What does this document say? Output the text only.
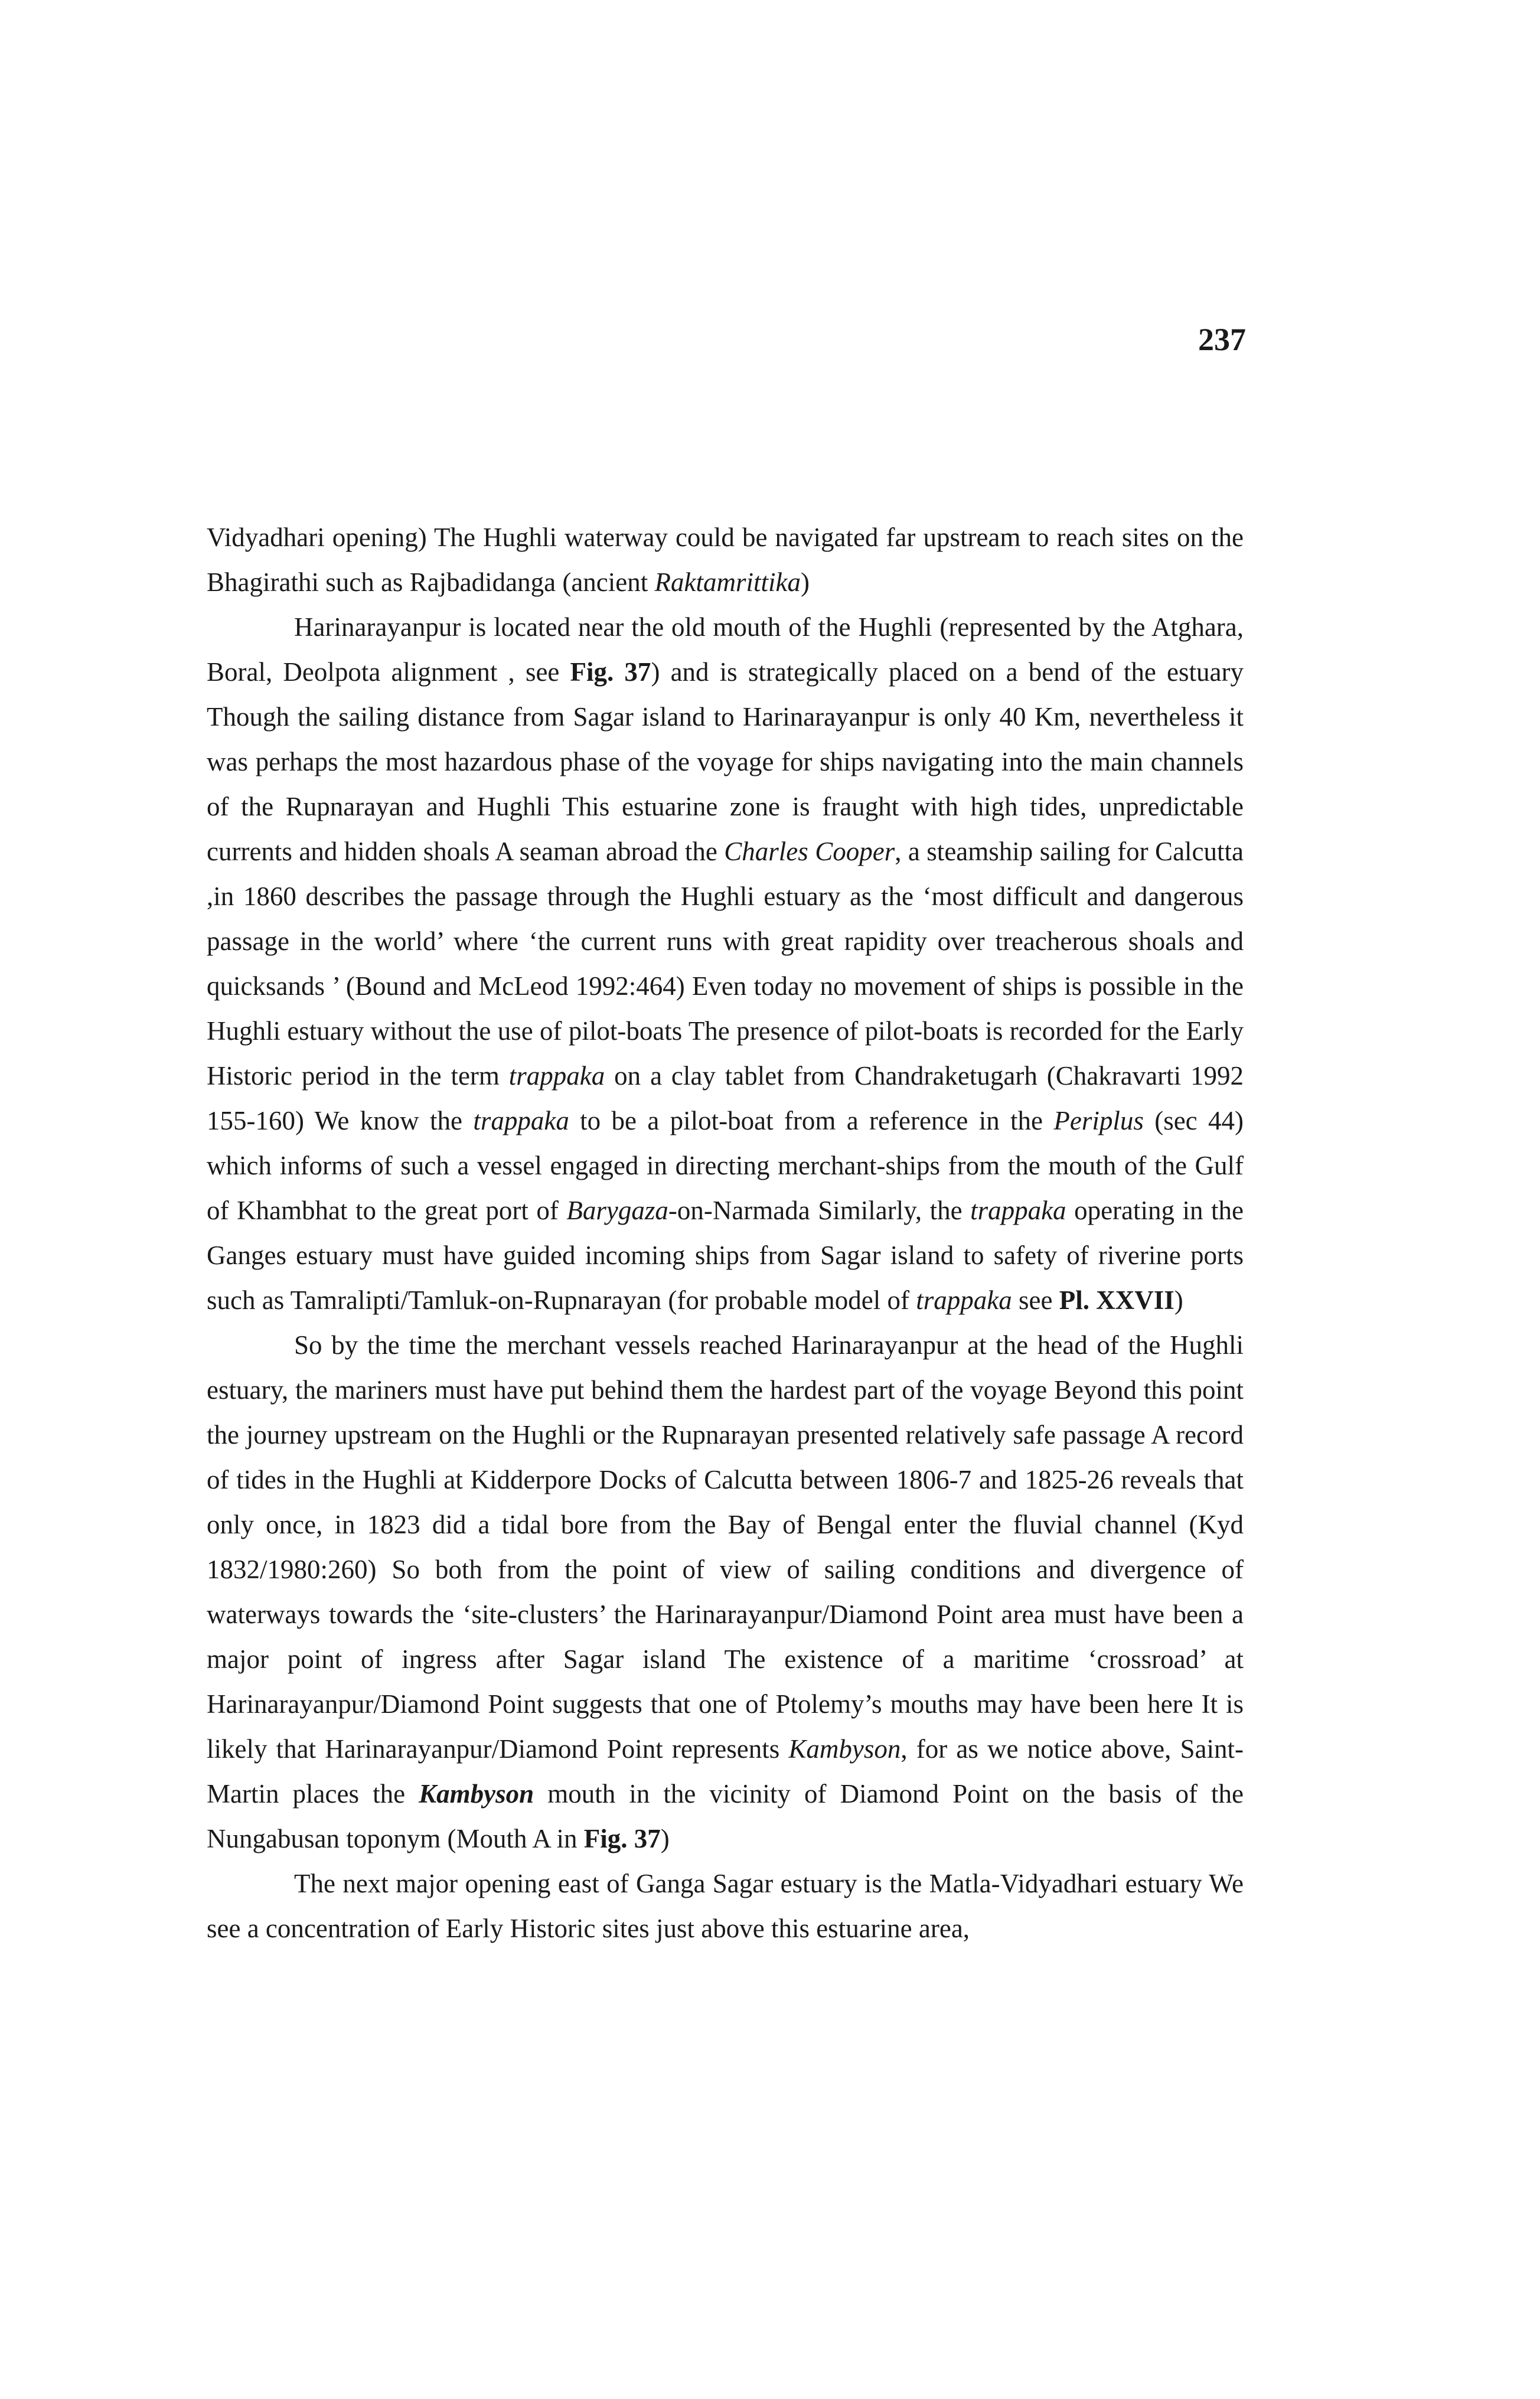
237

Vidyadhari opening) The Hughli waterway could be navigated far upstream to reach sites on the Bhagirathi such as Rajbadidanga (ancient Raktamrittika)

Harinarayanpur is located near the old mouth of the Hughli (represented by the Atghara, Boral, Deolpota alignment , see Fig. 37) and is strategically placed on a bend of the estuary Though the sailing distance from Sagar island to Harinarayanpur is only 40 Km, nevertheless it was perhaps the most hazardous phase of the voyage for ships navigating into the main channels of the Rupnarayan and Hughli This estuarine zone is fraught with high tides, unpredictable currents and hidden shoals A seaman abroad the Charles Cooper, a steamship sailing for Calcutta ,in 1860 describes the passage through the Hughli estuary as the ‘most difficult and dangerous passage in the world’ where ‘the current runs with great rapidity over treacherous shoals and quicksands ’ (Bound and McLeod 1992:464) Even today no movement of ships is possible in the Hughli estuary without the use of pilot-boats The presence of pilot-boats is recorded for the Early Historic period in the term trappaka on a clay tablet from Chandraketugarh (Chakravarti 1992 155-160) We know the trappaka to be a pilot-boat from a reference in the Periplus (sec 44) which informs of such a vessel engaged in directing merchant-ships from the mouth of the Gulf of Khambhat to the great port of Barygaza-on-Narmada Similarly, the trappaka operating in the Ganges estuary must have guided incoming ships from Sagar island to safety of riverine ports such as Tamralipti/Tamluk-on-Rupnarayan (for probable model of trappaka see Pl. XXVII)

So by the time the merchant vessels reached Harinarayanpur at the head of the Hughli estuary, the mariners must have put behind them the hardest part of the voyage Beyond this point the journey upstream on the Hughli or the Rupnarayan presented relatively safe passage A record of tides in the Hughli at Kidderpore Docks of Calcutta between 1806-7 and 1825-26 reveals that only once, in 1823 did a tidal bore from the Bay of Bengal enter the fluvial channel (Kyd 1832/1980:260) So both from the point of view of sailing conditions and divergence of waterways towards the ‘site-clusters’ the Harinarayanpur/Diamond Point area must have been a major point of ingress after Sagar island The existence of a maritime ‘crossroad’ at Harinarayanpur/Diamond Point suggests that one of Ptolemy’s mouths may have been here It is likely that Harinarayanpur/Diamond Point represents Kambyson, for as we notice above, Saint-Martin places the Kambyson mouth in the vicinity of Diamond Point on the basis of the Nungabusan toponym (Mouth A in Fig. 37)

The next major opening east of Ganga Sagar estuary is the Matla-Vidyadhari estuary We see a concentration of Early Historic sites just above this estuarine area,
